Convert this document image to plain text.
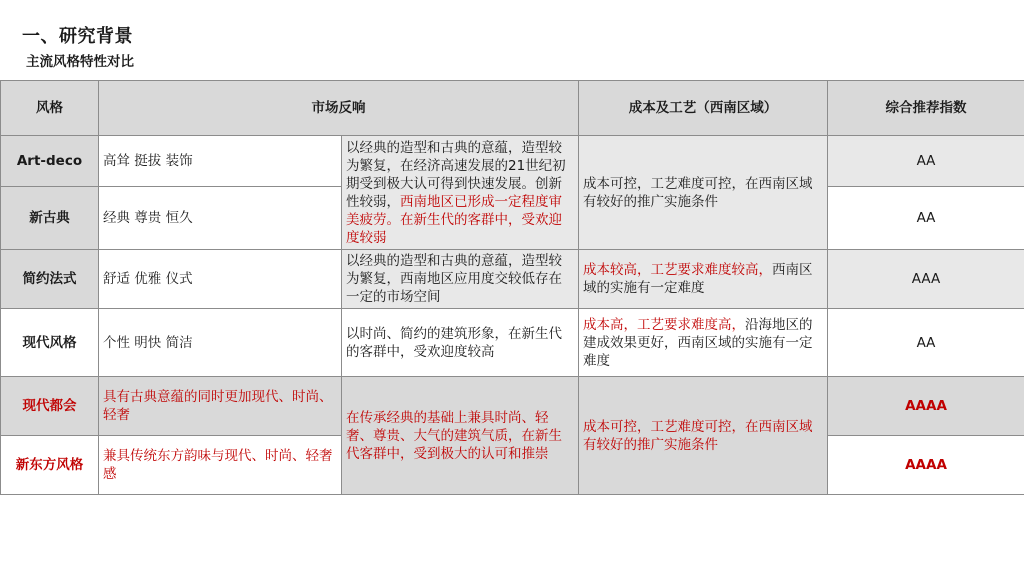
一、研究背景
主流风格特性对比
风格	市场反响		成本及工艺（西南区域）	综合推荐指数
Art-deco	高耸 挺拔 装饰	以经典的造型和古典的意蕴，造型较为繁复，在经济高速发展的21世纪初期受到极大认可得到快速发展。创新性较弱，西南地区已形成一定程度审美疲劳。在新生代的客群中，受欢迎度较弱	成本可控，工艺难度可控，在西南区域有较好的推广实施条件	AA
新古典	经典 尊贵 恒久			AA
简约法式	舒适 优雅 仪式	以经典的造型和古典的意蕴，造型较为繁复，西南地区应用度交较低存在一定的市场空间	成本较高，工艺要求难度较高，西南区域的实施有一定难度	AAA
现代风格	个性 明快 简洁	以时尚、简约的建筑形象，在新生代的客群中，受欢迎度较高	成本高，工艺要求难度高，沿海地区的建成效果更好，西南区域的实施有一定难度	AA
现代都会	具有古典意蕴的同时更加现代、时尚、轻奢	在传承经典的基础上兼具时尚、轻奢、尊贵、大气的建筑气质，在新生代客群中，受到极大的认可和推崇	成本可控，工艺难度可控，在西南区域有较好的推广实施条件	AAAA
新东方风格	兼具传统东方韵味与现代、时尚、轻奢感			AAAA
